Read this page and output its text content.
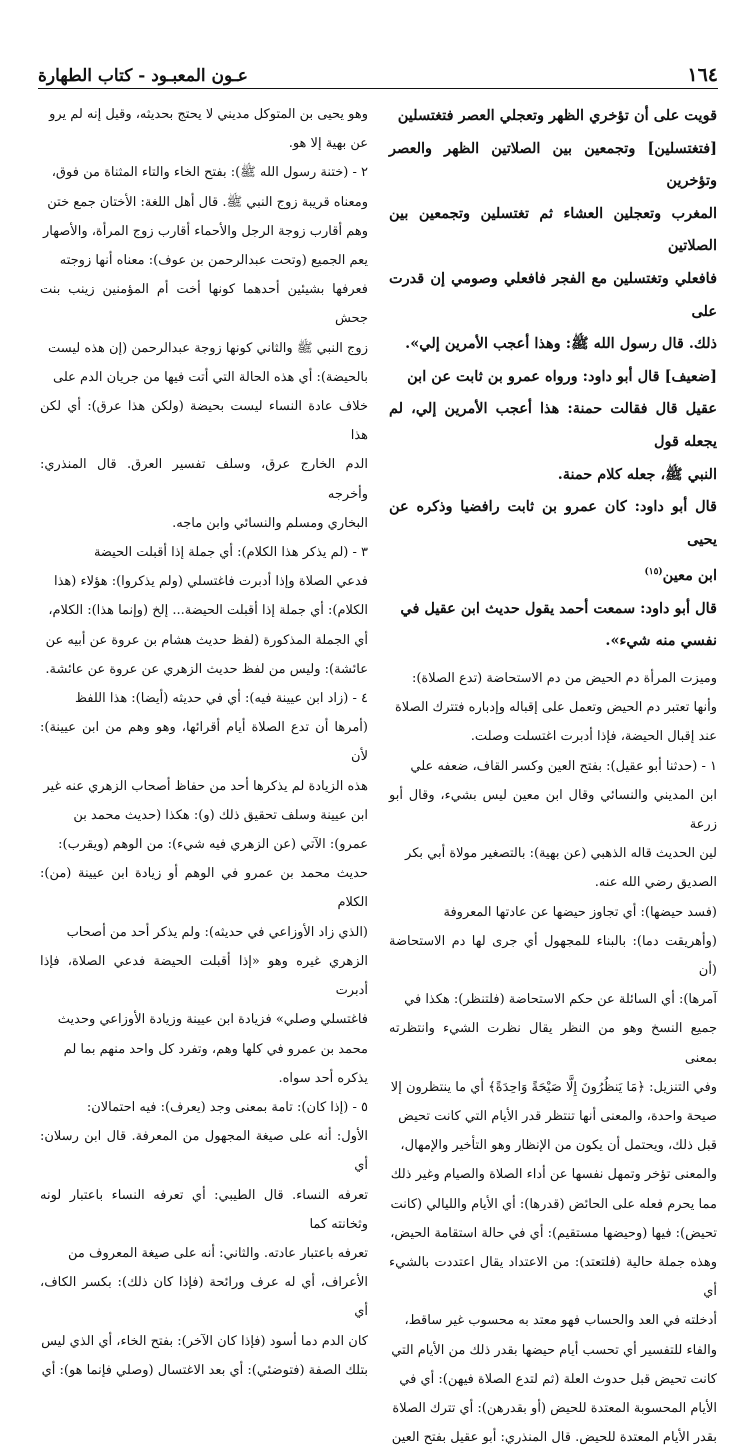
١٦٤
عـون المعبـود - كتاب الطهارة

قويت على أن تؤخري الظهر وتعجلي العصر فتغتسلين

[فتغتسلين] وتجمعين بين الصلاتين الظهر والعصر وتؤخرين

المغرب وتعجلين العشاء ثم تغتسلين وتجمعين بين الصلاتين

فافعلي وتغتسلين مع الفجر فافعلي وصومي إن قدرت على

ذلك. قال رسول الله ﷺ: وهذا أعجب الأمرين إلي».

[ضعيف] قال أبو داود: ورواه عمرو بن ثابت عن ابن

عقيل قال فقالت حمنة: هذا أعجب الأمرين إلي، لم يجعله قول

النبي ﷺ، جعله كلام حمنة.

قال أبو داود: كان عمرو بن ثابت رافضيا وذكره عن يحيى

ابن معين$^{(١٥)}$

قال أبو داود: سمعت أحمد يقول حديث ابن عقيل في

نفسي منه شيء».

وميزت المرأة دم الحيض من دم الاستحاضة (تدع الصلاة):

وأنها تعتبر دم الحيض وتعمل على إقباله وإدباره فتترك الصلاة

عند إقبال الحيضة، فإذا أدبرت اغتسلت وصلت.

١ - (حدثنا أبو عقيل): بفتح العين وكسر القاف، ضعفه علي

ابن المديني والنسائي وقال ابن معين ليس بشيء، وقال أبو زرعة

لين الحديث قاله الذهبي (عن بهية): بالتصغير مولاة أبي بكر

الصديق رضي الله عنه.

(فسد حيضها): أي تجاوز حيضها عن عادتها المعروفة

(وأهريقت دما): بالبناء للمجهول أي جرى لها دم الاستحاضة (أن

آمرها): أي السائلة عن حكم الاستحاضة (فلتنظر): هكذا في

جميع النسخ وهو من النظر يقال نظرت الشيء وانتظرته بمعنى

وفي التنزيل: ﴿مَا يَنظُرُونَ إِلَّا صَيْحَةً وَاحِدَةً﴾ أي ما ينتظرون إلا

صيحة واحدة، والمعنى أنها تنتظر قدر الأيام التي كانت تحيض

قبل ذلك، ويحتمل أن يكون من الإنظار وهو التأخير والإمهال،

والمعنى تؤخر وتمهل نفسها عن أداء الصلاة والصيام وغير ذلك

مما يحرم فعله على الحائض (قدرها): أي الأيام والليالي (كانت

تحيض): فيها (وحيضها مستقيم): أي في حالة استقامة الحيض،

وهذه جملة حالية (فلتعتد): من الاعتداد يقال اعتددت بالشيء أي

أدخلته في العد والحساب فهو معتد به محسوب غير ساقط،

والفاء للتفسير أي تحسب أيام حيضها بقدر ذلك من الأيام التي

كانت تحيض قبل حدوث العلة (ثم لتدع الصلاة فيهن): أي في

الأيام المحسوبة المعتدة للحيض (أو بقدرهن): أي تترك الصلاة

بقدر الأيام المعتدة للحيض. قال المنذري: أبو عقيل بفتح العين

وهو يحيى بن المتوكل مديني لا يحتج بحديثه، وقيل إنه لم يرو

عن بهية إلا هو.

٢ - (ختنة رسول الله ﷺ): بفتح الخاء والتاء المثناة من فوق،

ومعناه قريبة زوج النبي ﷺ. قال أهل اللغة: الأختان جمع ختن

وهم أقارب زوجة الرجل والأحماء أقارب زوج المرأة، والأصهار

يعم الجميع (وتحت عبدالرحمن بن عوف): معناه أنها زوجته

فعرفها بشيئين أحدهما كونها أخت أم المؤمنين زينب بنت جحش

زوج النبي ﷺ والثاني كونها زوجة عبدالرحمن (إن هذه ليست

بالحيضة): أي هذه الحالة التي أتت فيها من جريان الدم على

خلاف عادة النساء ليست بحيضة (ولكن هذا عرق): أي لكن هذا

الدم الخارج عرق، وسلف تفسير العرق. قال المنذري: وأخرجه

البخاري ومسلم والنسائي وابن ماجه.

٣ - (لم يذكر هذا الكلام): أي جملة إذا أقبلت الحيضة

فدعي الصلاة وإذا أدبرت فاغتسلي (ولم يذكروا): هؤلاء (هذا

الكلام): أي جملة إذا أقبلت الحيضة... إلخ (وإنما هذا): الكلام،

أي الجملة المذكورة (لفظ حديث هشام بن عروة عن أبيه عن

عائشة): وليس من لفظ حديث الزهري عن عروة عن عائشة.

٤ - (زاد ابن عيينة فيه): أي في حديثه (أيضا): هذا اللفظ

(أمرها أن تدع الصلاة أيام أقرائها، وهو وهم من ابن عيينة): لأن

هذه الزيادة لم يذكرها أحد من حفاظ أصحاب الزهري عنه غير

ابن عيينة وسلف تحقيق ذلك (و): هكذا (حديث محمد بن

عمرو): الآتي (عن الزهري فيه شيء): من الوهم (ويقرب):

حديث محمد بن عمرو في الوهم أو زيادة ابن عيينة (من): الكلام

(الذي زاد الأوزاعي في حديثه): ولم يذكر أحد من أصحاب

الزهري غيره وهو «إذا أقبلت الحيضة فدعي الصلاة، فإذا أدبرت

فاغتسلي وصلي» فزيادة ابن عيينة وزيادة الأوزاعي وحديث

محمد بن عمرو في كلها وهم، وتفرد كل واحد منهم بما لم

يذكره أحد سواه.

٥ - (إذا كان): تامة بمعنى وجد (يعرف): فيه احتمالان:

الأول: أنه على صيغة المجهول من المعرفة. قال ابن رسلان: أي

تعرفه النساء. قال الطيبي: أي تعرفه النساء باعتبار لونه وثخانته كما

تعرفه باعتبار عادته. والثاني: أنه على صيغة المعروف من

الأعراف، أي له عرف ورائحة (فإذا كان ذلك): بكسر الكاف، أي

كان الدم دما أسود (فإذا كان الآخر): بفتح الخاء، أي الذي ليس

بتلك الصفة (فتوضئي): أي بعد الاغتسال (وصلي فإنما هو): أي
